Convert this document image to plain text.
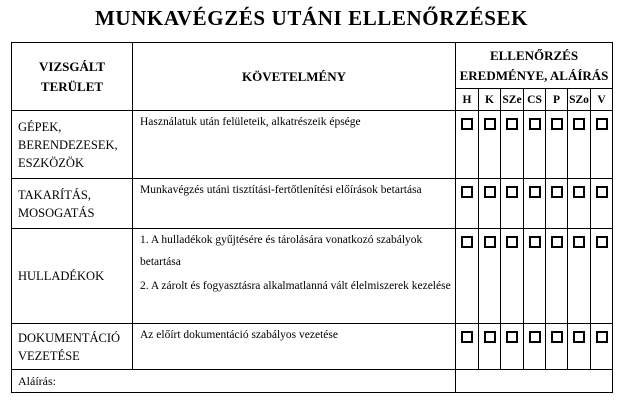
MUNKAVÉGZÉS UTÁNI ELLENŐRZÉSEK
VIZSGÁLT TERÜLET	KÖVETELMÉNY	ELLENŐRZÉS EREDMÉNYE, ALÁÍRÁS						
		H	K	SZe	CS	P	SZo	V
GÉPEK, BERENDEZESEK, ESZKÖZÖK	Használatuk után felületeik, alkatrészeik épsége							

TAKARÍTÁS, MOSOGATÁS	Munkavégzés utáni tisztítási-fertőtlenítési előírások betartása							

HULLADÉKOK	1. A hulladékok gyűjtésére és tárolására vonatkozó szabályok betartása

2. A zárolt és fogyasztásra alkalmatlanná vált élelmiszerek kezelése							

DOKUMENTÁCIÓ VEZETÉSE	Az előírt dokumentáció szabályos vezetése							

Aláírás:								
